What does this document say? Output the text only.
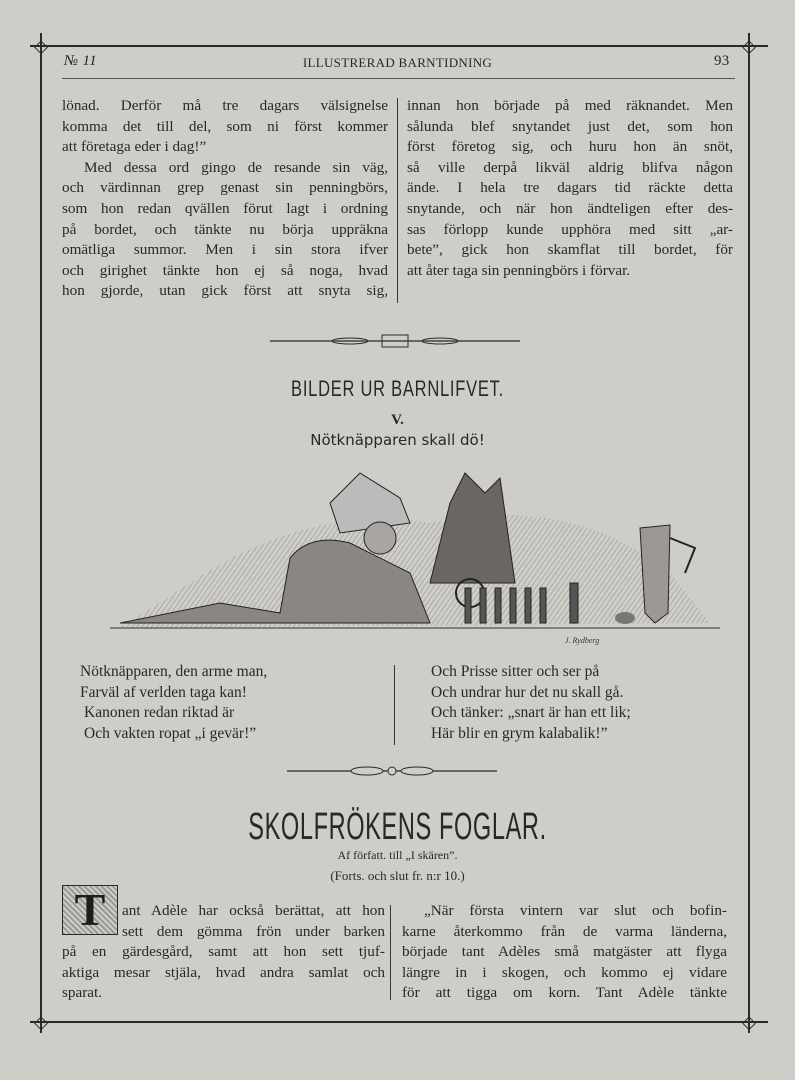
◇	◇
◇	◇
№ 11	ILLUSTRERAD BARNTIDNING	93
lönad. Derför må tre dagars välsignelse
komma det till del, som ni först kommer
att företaga eder i dag!”
Med dessa ord gingo de resande sin väg,
och värdinnan grep genast sin penningbörs,
som hon redan qvällen förut lagt i ordning
på bordet, och tänkte nu börja uppräkna
omätliga summor. Men i sin stora ifver
och girighet tänkte hon ej så noga, hvad
hon gjorde, utan gick först att snyta sig,
innan hon började på med räknandet. Men
sålunda blef snytandet just det, som hon
först företog sig, och huru hon än snöt,
så ville derpå likväl aldrig blifva någon
ände. I hela tre dagars tid räckte detta
snytande, och när hon ändteligen efter des-
sas förlopp kunde upphöra med sitt „ar-
bete”, gick hon skamflat till bordet, för
att åter taga sin penningbörs i förvar.
BILDER UR BARNLIFVET.
V.
Nötknäpparen skall dö!
J. Rydberg
Nötknäpparen, den arme man,
Farväl af verlden taga kan!
Kanonen redan riktad är
Och vakten ropat „i gevär!”
Och Prisse sitter och ser på
Och undrar hur det nu skall gå.
Och tänker: „snart är han ett lik;
Här blir en grym kalabalik!”
SKOLFRÖKENS FOGLAR.
Af författ. till „I skären”.
(Forts. och slut fr. n:r 10.)
T	ant Adèle har också berättat, att hon
sett dem gömma frön under barken
på en gärdesgård, samt att hon sett tjuf-
aktiga mesar stjäla, hvad andra samlat och
sparat.
„När första vintern var slut och bofin-
karne återkommo från de varma länderna,
började tant Adèles små matgäster att flyga
längre in i skogen, och kommo ej vidare
för att tigga om korn. Tant Adèle tänkte
